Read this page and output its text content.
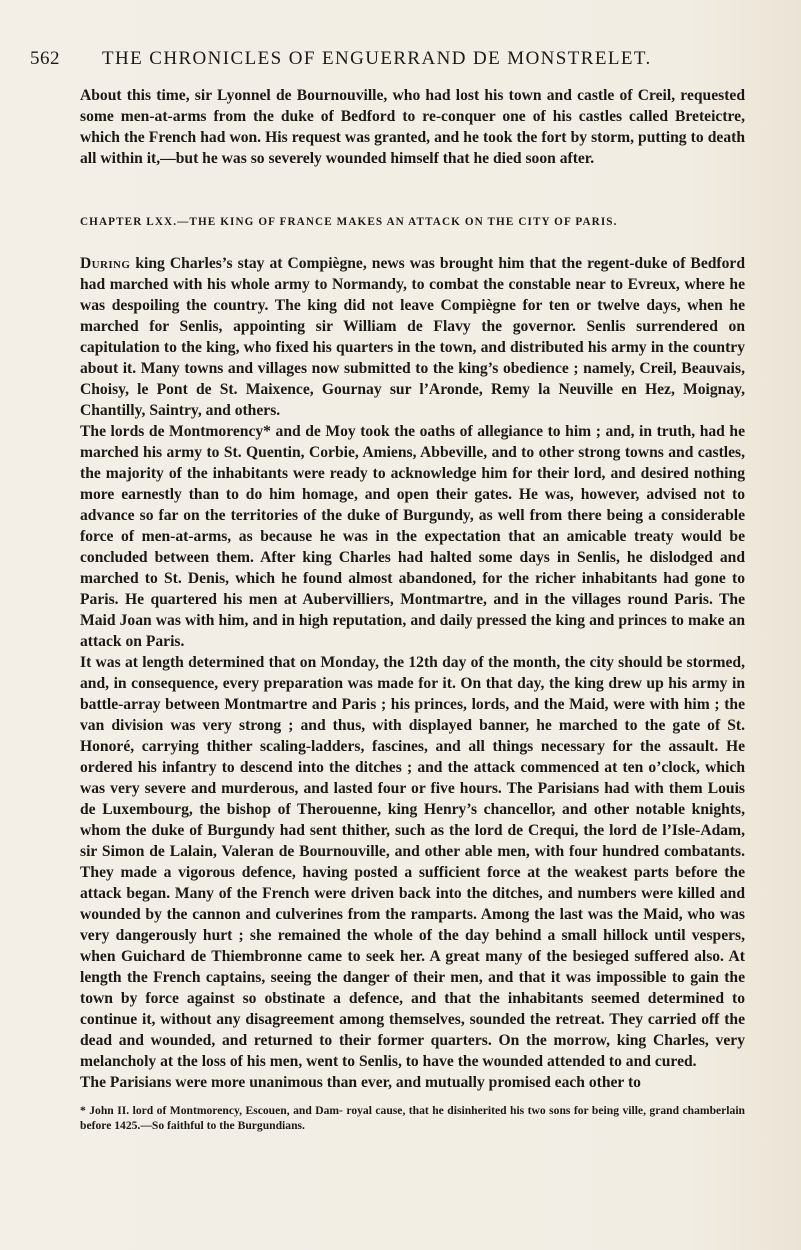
562 THE CHRONICLES OF ENGUERRAND DE MONSTRELET.

About this time, sir Lyonnel de Bournouville, who had lost his town and castle of Creil, requested some men-at-arms from the duke of Bedford to re-conquer one of his castles called Breteictre, which the French had won. His request was granted, and he took the fort by storm, putting to death all within it,—but he was so severely wounded himself that he died soon after.

CHAPTER LXX.—THE KING OF FRANCE MAKES AN ATTACK ON THE CITY OF PARIS.

During king Charles’s stay at Compiègne, news was brought him that the regent-duke of Bedford had marched with his whole army to Normandy, to combat the constable near to Evreux, where he was despoiling the country. The king did not leave Compiègne for ten or twelve days, when he marched for Senlis, appointing sir William de Flavy the governor. Senlis surrendered on capitulation to the king, who fixed his quarters in the town, and distributed his army in the country about it. Many towns and villages now submitted to the king’s obedience ; namely, Creil, Beauvais, Choisy, le Pont de St. Maixence, Gournay sur l’Aronde, Remy la Neuville en Hez, Moignay, Chantilly, Saintry, and others.

The lords de Montmorency* and de Moy took the oaths of allegiance to him ; and, in truth, had he marched his army to St. Quentin, Corbie, Amiens, Abbeville, and to other strong towns and castles, the majority of the inhabitants were ready to acknowledge him for their lord, and desired nothing more earnestly than to do him homage, and open their gates. He was, however, advised not to advance so far on the territories of the duke of Burgundy, as well from there being a considerable force of men-at-arms, as because he was in the expectation that an amicable treaty would be concluded between them. After king Charles had halted some days in Senlis, he dislodged and marched to St. Denis, which he found almost abandoned, for the richer inhabitants had gone to Paris. He quartered his men at Aubervilliers, Montmartre, and in the villages round Paris. The Maid Joan was with him, and in high reputation, and daily pressed the king and princes to make an attack on Paris.

It was at length determined that on Monday, the 12th day of the month, the city should be stormed, and, in consequence, every preparation was made for it. On that day, the king drew up his army in battle-array between Montmartre and Paris ; his princes, lords, and the Maid, were with him ; the van division was very strong ; and thus, with displayed banner, he marched to the gate of St. Honoré, carrying thither scaling-ladders, fascines, and all things necessary for the assault. He ordered his infantry to descend into the ditches ; and the attack commenced at ten o’clock, which was very severe and murderous, and lasted four or five hours. The Parisians had with them Louis de Luxembourg, the bishop of Therouenne, king Henry’s chancellor, and other notable knights, whom the duke of Burgundy had sent thither, such as the lord de Crequi, the lord de l’Isle-Adam, sir Simon de Lalain, Valeran de Bournouville, and other able men, with four hundred combatants. They made a vigorous defence, having posted a sufficient force at the weakest parts before the attack began. Many of the French were driven back into the ditches, and numbers were killed and wounded by the cannon and culverines from the ramparts. Among the last was the Maid, who was very dangerously hurt ; she remained the whole of the day behind a small hillock until vespers, when Guichard de Thiembronne came to seek her. A great many of the besieged suffered also. At length the French captains, seeing the danger of their men, and that it was impossible to gain the town by force against so obstinate a defence, and that the inhabitants seemed determined to continue it, without any disagreement among themselves, sounded the retreat. They carried off the dead and wounded, and returned to their former quarters. On the morrow, king Charles, very melancholy at the loss of his men, went to Senlis, to have the wounded attended to and cured.

The Parisians were more unanimous than ever, and mutually promised each other to

* John II. lord of Montmorency, Escouen, and Dam- royal cause, that he disinherited his two sons for being ville, grand chamberlain before 1425.—So faithful to the Burgundians.
